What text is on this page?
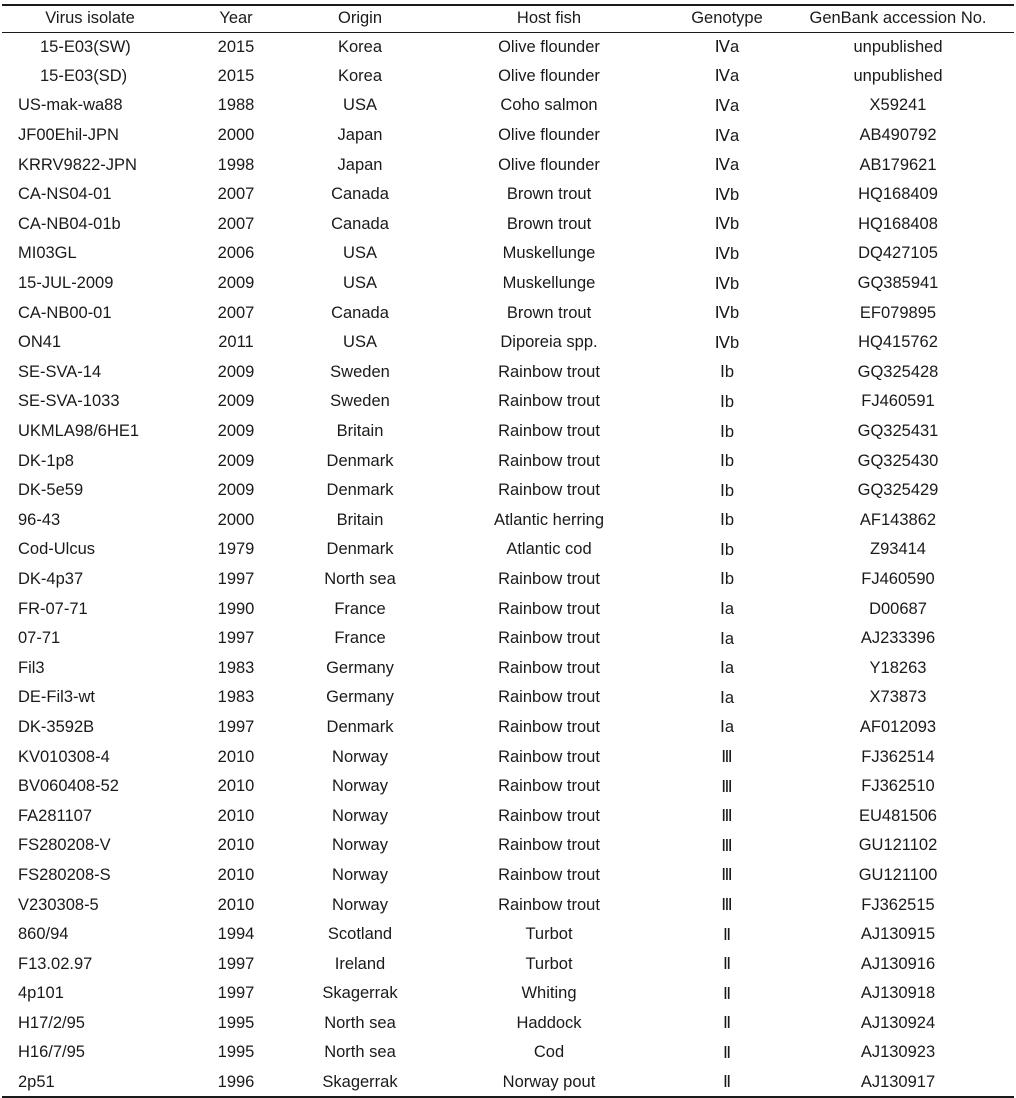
Virus isolate	Year	Origin	Host fish	Genotype	GenBank accession No.
15-E03(SW)	2015	Korea	Olive flounder	Ⅳa	unpublished
15-E03(SD)	2015	Korea	Olive flounder	Ⅳa	unpublished
US-mak-wa88	1988	USA	Coho salmon	Ⅳa	X59241
JF00Ehil-JPN	2000	Japan	Olive flounder	Ⅳa	AB490792
KRRV9822-JPN	1998	Japan	Olive flounder	Ⅳa	AB179621
CA-NS04-01	2007	Canada	Brown trout	Ⅳb	HQ168409
CA-NB04-01b	2007	Canada	Brown trout	Ⅳb	HQ168408
MI03GL	2006	USA	Muskellunge	Ⅳb	DQ427105
15-JUL-2009	2009	USA	Muskellunge	Ⅳb	GQ385941
CA-NB00-01	2007	Canada	Brown trout	Ⅳb	EF079895
ON41	2011	USA	Diporeia spp.	Ⅳb	HQ415762
SE-SVA-14	2009	Sweden	Rainbow trout	Ⅰb	GQ325428
SE-SVA-1033	2009	Sweden	Rainbow trout	Ⅰb	FJ460591
UKMLA98/6HE1	2009	Britain	Rainbow trout	Ⅰb	GQ325431
DK-1p8	2009	Denmark	Rainbow trout	Ⅰb	GQ325430
DK-5e59	2009	Denmark	Rainbow trout	Ⅰb	GQ325429
96-43	2000	Britain	Atlantic herring	Ⅰb	AF143862
Cod-Ulcus	1979	Denmark	Atlantic cod	Ⅰb	Z93414
DK-4p37	1997	North sea	Rainbow trout	Ⅰb	FJ460590
FR-07-71	1990	France	Rainbow trout	Ⅰa	D00687
07-71	1997	France	Rainbow trout	Ⅰa	AJ233396
Fil3	1983	Germany	Rainbow trout	Ⅰa	Y18263
DE-Fil3-wt	1983	Germany	Rainbow trout	Ⅰa	X73873
DK-3592B	1997	Denmark	Rainbow trout	Ⅰa	AF012093
KV010308-4	2010	Norway	Rainbow trout	Ⅲ	FJ362514
BV060408-52	2010	Norway	Rainbow trout	Ⅲ	FJ362510
FA281107	2010	Norway	Rainbow trout	Ⅲ	EU481506
FS280208-V	2010	Norway	Rainbow trout	Ⅲ	GU121102
FS280208-S	2010	Norway	Rainbow trout	Ⅲ	GU121100
V230308-5	2010	Norway	Rainbow trout	Ⅲ	FJ362515
860/94	1994	Scotland	Turbot	Ⅱ	AJ130915
F13.02.97	1997	Ireland	Turbot	Ⅱ	AJ130916
4p101	1997	Skagerrak	Whiting	Ⅱ	AJ130918
H17/2/95	1995	North sea	Haddock	Ⅱ	AJ130924
H16/7/95	1995	North sea	Cod	Ⅱ	AJ130923
2p51	1996	Skagerrak	Norway pout	Ⅱ	AJ130917
